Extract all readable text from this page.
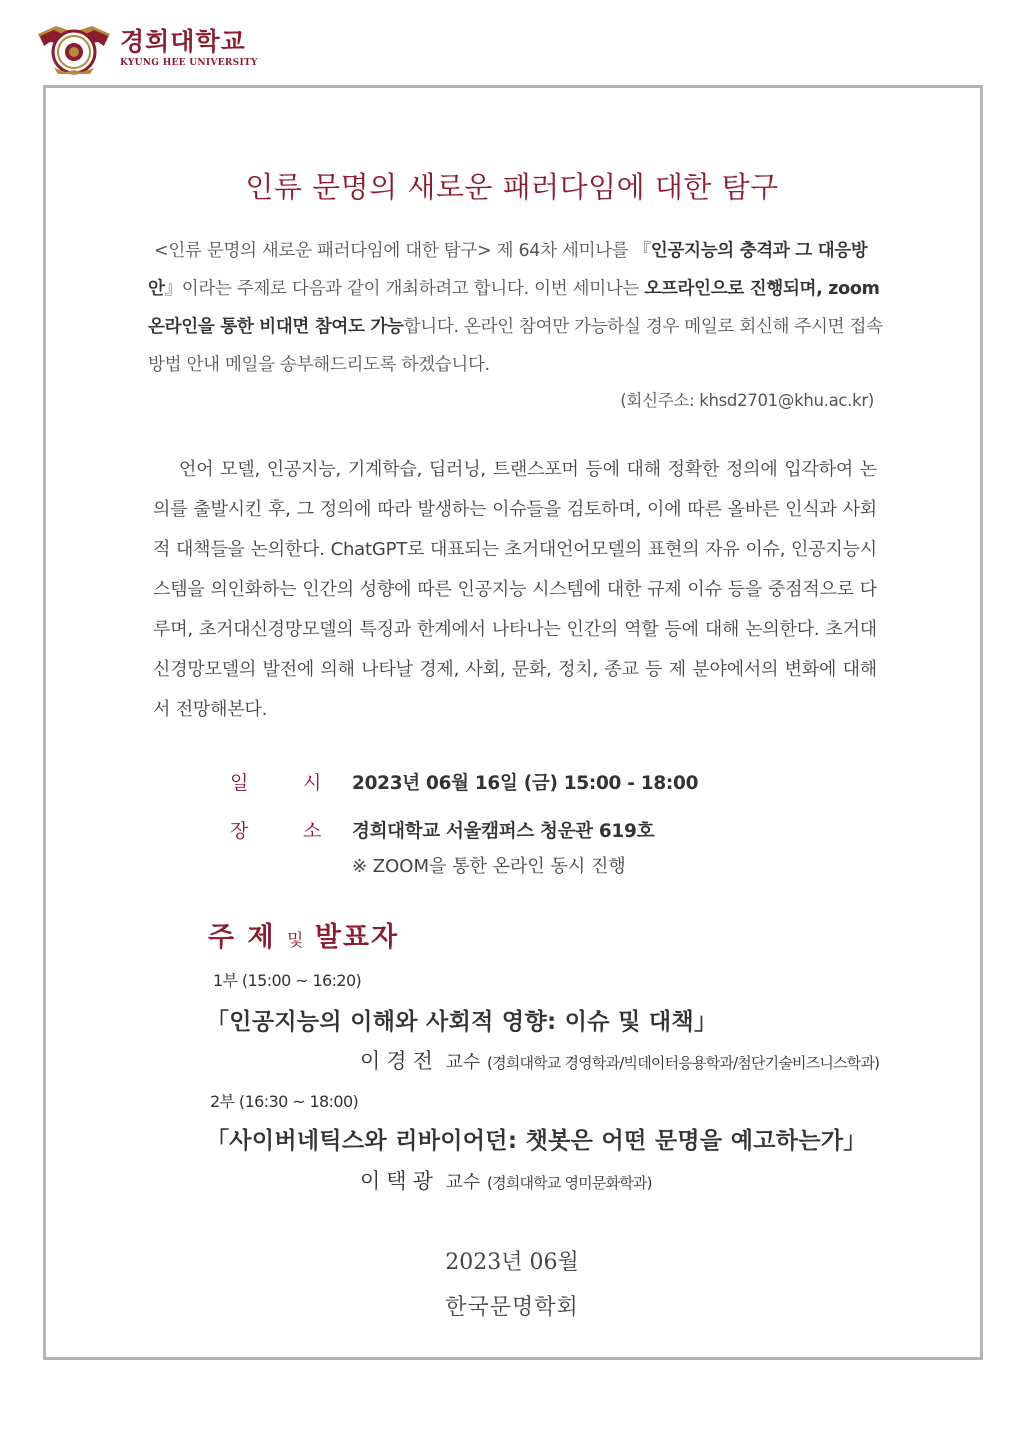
경희대학교
KYUNG HEE UNIVERSITY
인류 문명의 새로운 패러다임에 대한 탐구
<인류 문명의 새로운 패러다임에 대한 탐구> 제 64차 세미나를 『인공지능의 충격과 그 대응방안』이라는 주제로 다음과 같이 개최하려고 합니다. 이번 세미나는 오프라인으로 진행되며, zoom 온라인을 통한 비대면 참여도 가능합니다. 온라인 참여만 가능하실 경우 메일로 회신해 주시면 접속방법 안내 메일을 송부해드리도록 하겠습니다.
(회신주소: khsd2701@khu.ac.kr)
언어 모델, 인공지능, 기계학습, 딥러닝, 트랜스포머 등에 대해 정확한 정의에 입각하여 논의를 출발시킨 후, 그 정의에 따라 발생하는 이슈들을 검토하며, 이에 따른 올바른 인식과 사회적 대책들을 논의한다. ChatGPT로 대표되는 초거대언어모델의 표현의 자유 이슈, 인공지능시스템을 의인화하는 인간의 성향에 따른 인공지능 시스템에 대한 규제 이슈 등을 중점적으로 다루며, 초거대신경망모델의 특징과 한계에서 나타나는 인간의 역할 등에 대해 논의한다. 초거대신경망모델의 발전에 의해 나타날 경제, 사회, 문화, 정치, 종교 등 제 분야에서의 변화에 대해서 전망해본다.
일	시 2023년 06월 16일 (금) 15:00 - 18:00
장	소 경희대학교 서울캠퍼스 청운관 619호
※ ZOOM을 통한 온라인 동시 진행
주 제 및 발표자
1부 (15:00 ~ 16:20)
「인공지능의 이해와 사회적 영향: 이슈 및 대책」
이경전 교수 (경희대학교 경영학과/빅데이터응용학과/첨단기술비즈니스학과)
2부 (16:30 ~ 18:00)
「사이버네틱스와 리바이어던: 챗봇은 어떤 문명을 예고하는가」
이택광 교수 (경희대학교 영미문화학과)
2023년 06월
한국문명학회
